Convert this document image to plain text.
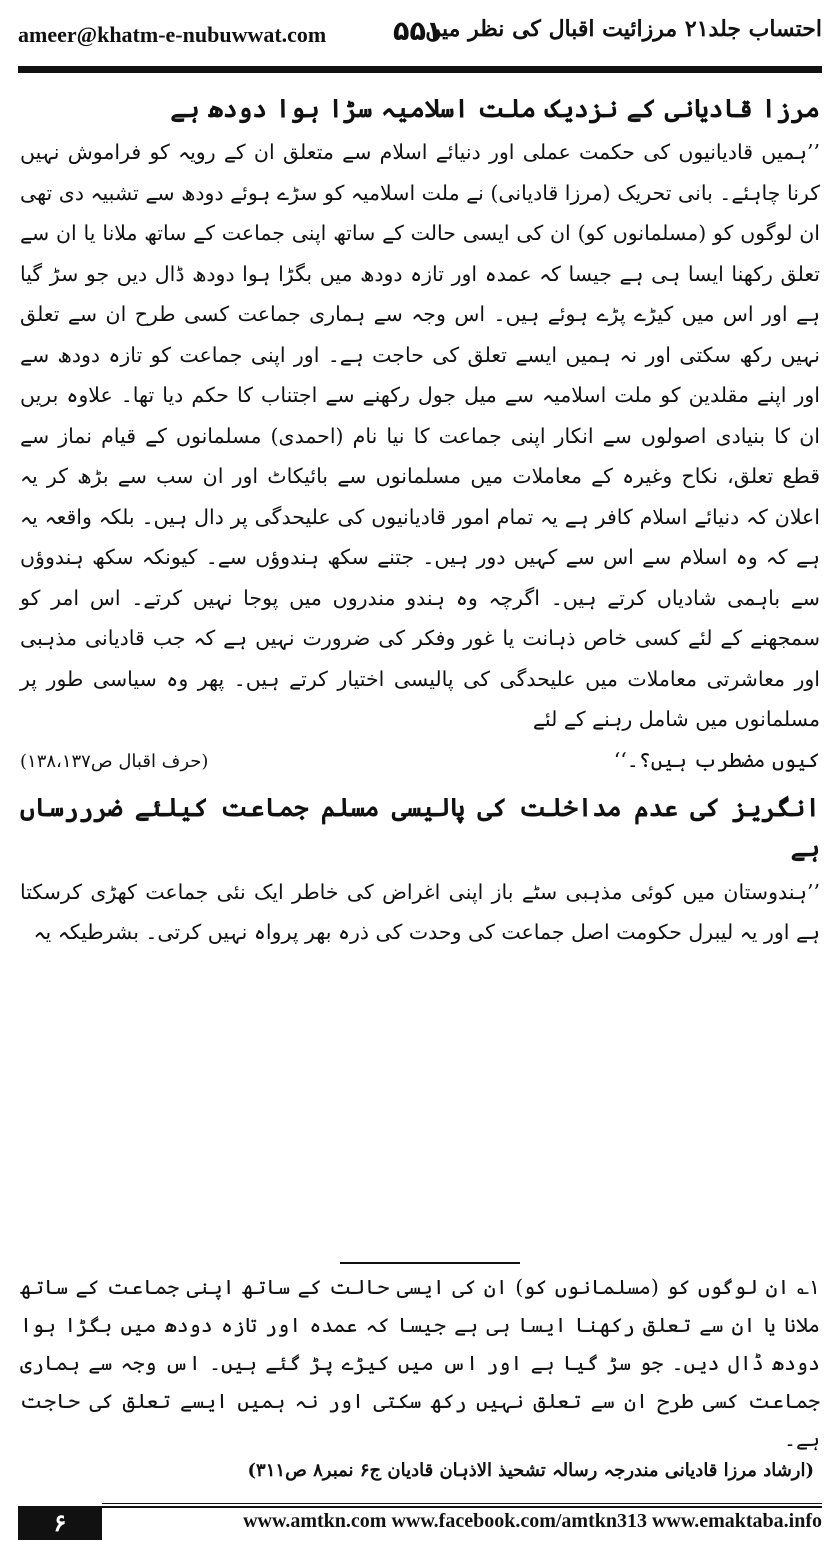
ameer@khatm-e-nubuwwat.com ۵۵۱
احتساب جلد۲۱ مرزائیت اقبال کی نظر میں
مرزا قادیانی کے نزدیک ملت اسلامیہ سڑا ہوا دودھ ہے

’’ہمیں قادیانیوں کی حکمت عملی اور دنیائے اسلام سے متعلق ان کے رویہ کو فراموش نہیں کرنا چاہئے۔ بانی تحریک (مرزا قادیانی) نے ملت اسلامیہ کو سڑے ہوئے دودھ سے تشبیہ دی تھی ان لوگوں کو (مسلمانوں کو) ان کی ایسی حالت کے ساتھ اپنی جماعت کے ساتھ ملانا یا ان سے تعلق رکھنا ایسا ہی ہے جیسا کہ عمدہ اور تازہ دودھ میں بگڑا ہوا دودھ ڈال دیں جو سڑ گیا ہے اور اس میں کیڑے پڑے ہوئے ہیں۔ اس وجہ سے ہماری جماعت کسی طرح ان سے تعلق نہیں رکھ سکتی اور نہ ہمیں ایسے تعلق کی حاجت ہے۔ اور اپنی جماعت کو تازہ دودھ سے اور اپنے مقلدین کو ملت اسلامیہ سے میل جول رکھنے سے اجتناب کا حکم دیا تھا۔ علاوہ بریں ان کا بنیادی اصولوں سے انکار اپنی جماعت کا نیا نام (احمدی) مسلمانوں کے قیام نماز سے قطع تعلق، نکاح وغیرہ کے معاملات میں مسلمانوں سے بائیکاٹ اور ان سب سے بڑھ کر یہ اعلان کہ دنیائے اسلام کافر ہے یہ تمام امور قادیانیوں کی علیحدگی پر دال ہیں۔ بلکہ واقعہ یہ ہے کہ وہ اسلام سے اس سے کہیں دور ہیں۔ جتنے سکھ ہندوؤں سے۔ کیونکہ سکھ ہندوؤں سے باہمی شادیاں کرتے ہیں۔ اگرچہ وہ ہندو مندروں میں پوجا نہیں کرتے۔ اس امر کو سمجھنے کے لئے کسی خاص ذہانت یا غور وفکر کی ضرورت نہیں ہے کہ جب قادیانی مذہبی اور معاشرتی معاملات میں علیحدگی کی پالیسی اختیار کرتے ہیں۔ پھر وہ سیاسی طور پر مسلمانوں میں شامل رہنے کے لئے

کیوں مضطرب ہیں؟۔‘‘
(حرف اقبال ص۱۳۸،۱۳۷)
انگریز کی عدم مداخلت کی پالیسی مسلم جماعت کیلئے ضرررساں ہے

’’ہندوستان میں کوئی مذہبی سٹے باز اپنی اغراض کی خاطر ایک نئی جماعت کھڑی کرسکتا ہے اور یہ لیبرل حکومت اصل جماعت کی وحدت کی ذرہ بھر پرواہ نہیں کرتی۔ بشرطیکہ یہ

۱؎ ان لوگوں کو (مسلمانوں کو) ان کی ایسی حالت کے ساتھ اپنی جماعت کے ساتھ ملانا یا ان سے تعلق رکھنا ایسا ہی ہے جیسا کہ عمدہ اور تازہ دودھ میں بگڑا ہوا دودھ ڈال دیں۔ جو سڑ گیا ہے اور اس میں کیڑے پڑ گئے ہیں۔ اس وجہ سے ہماری جماعت کسی طرح ان سے تعلق نہیں رکھ سکتی اور نہ ہمیں ایسے تعلق کی حاجت ہے۔
(ارشاد مرزا قادیانی مندرجہ رسالہ تشحیذ الاذہان قادیان ج۶ نمبر۸ ص۳۱۱)
۶	www.amtkn.com www.facebook.com/amtkn313 www.emaktaba.info
